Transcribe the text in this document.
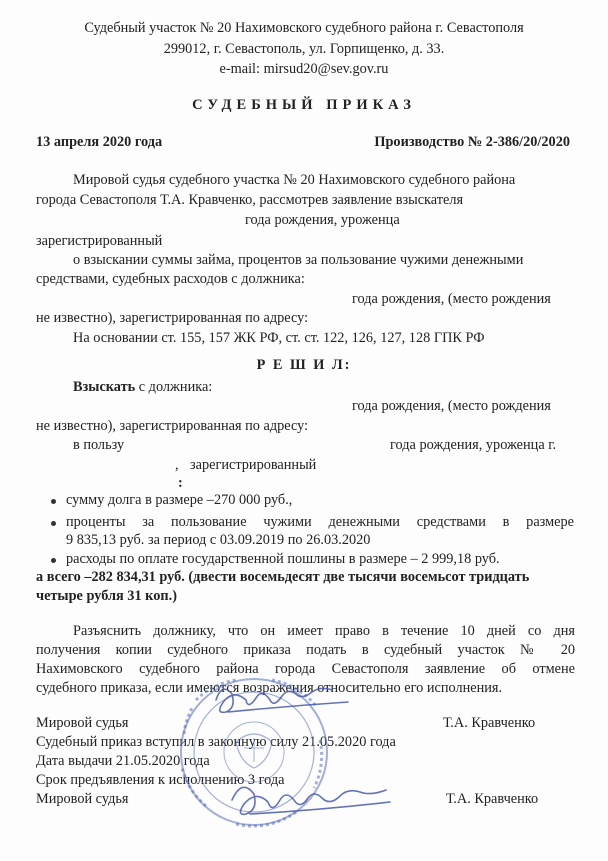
Судебный участок № 20 Нахимовского судебного района г. Севастополя
299012, г. Севастополь, ул. Горпищенко, д. 33.
e-mail: mirsud20@sev.gov.ru
СУДЕБНЫЙ ПРИКАЗ
13 апреля 2020 года	Производство № 2-386/20/2020
Мировой судья судебного участка № 20 Нахимовского судебного района
города Севастополя Т.А. Кравченко, рассмотрев заявление взыскателя
года рождения, уроженца
зарегистрированный
о взыскании суммы займа, процентов за пользование чужими денежными
средствами, судебных расходов с должника:
года рождения, (место рождения
не известно), зарегистрированная по адресу:
На основании ст. 155, 157 ЖК РФ, ст. ст. 122, 126, 127, 128 ГПК РФ
Р Е Ш И Л:
Взыскать с должника:
года рождения, (место рождения
не известно), зарегистрированная по адресу:
в пользу	года рождения, уроженца г.
, зарегистрированный
:
сумму долга в размере –270 000 руб.,
проценты за пользование чужими денежными средствами в размере
9 835,13 руб. за период с 03.09.2019 по 26.03.2020
расходы по оплате государственной пошлины в размере – 2 999,18 руб.
а всего –282 834,31 руб. (двести восемьдесят две тысячи восемьсот тридцать
четыре рубля 31 коп.)
Разъяснить должнику, что он имеет право в течение 10 дней со дня
получения копии судебного приказа подать в судебный участок № 20
Нахимовского судебного района города Севастополя заявление об отмене
судебного приказа, если имеются возражения относительно его исполнения.
Мировой судья	Т.А. Кравченко
Судебный приказ вступил в законную силу 21.05.2020 года
Дата выдачи 21.05.2020 года
Срок предъявления к исполнению 3 года
Мировой судья	Т.А. Кравченко
